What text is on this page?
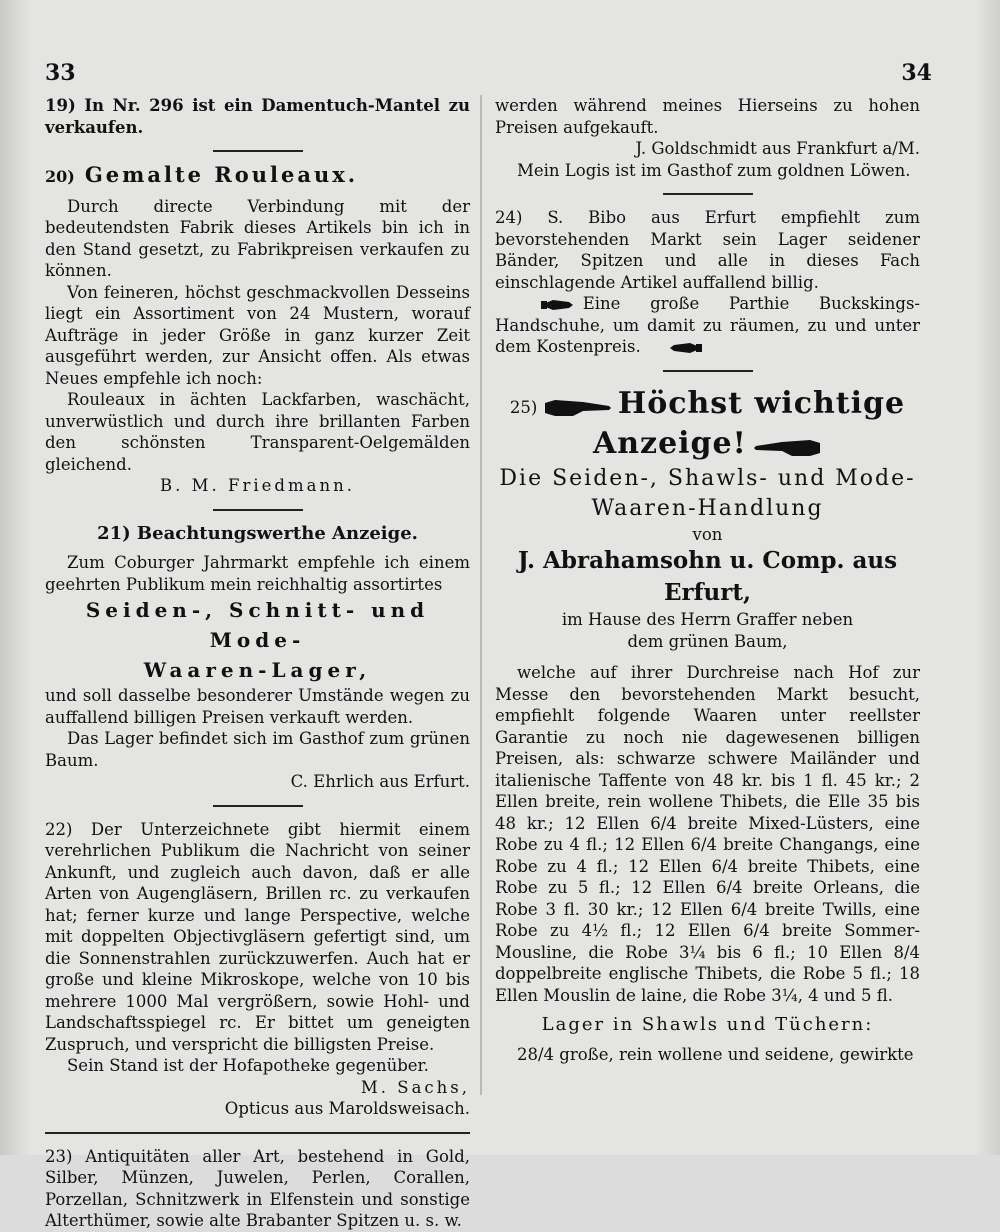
33	34

19) In Nr. 296 ist ein Damentuch-Mantel zu verkaufen.

20) Gemalte Rouleaux.

Durch directe Verbindung mit der bedeutendsten Fabrik dieses Artikels bin ich in den Stand gesetzt, zu Fabrikpreisen verkaufen zu können.

Von feineren, höchst geschmackvollen Desseins liegt ein Assortiment von 24 Mustern, worauf Aufträge in jeder Größe in ganz kurzer Zeit ausgeführt werden, zur Ansicht offen. Als etwas Neues empfehle ich noch:

Rouleaux in ächten Lackfarben, waschächt, unverwüstlich und durch ihre brillanten Farben den schönsten Transparent-Oelgemälden gleichend.

B. M. Friedmann.

21) Beachtungswerthe Anzeige.

Zum Coburger Jahrmarkt empfehle ich einem geehrten Publikum mein reichhaltig assortirtes

Seiden-, Schnitt- und Mode-

Waaren-Lager,

und soll dasselbe besonderer Umstände wegen zu auffallend billigen Preisen verkauft werden.

Das Lager befindet sich im Gasthof zum grünen Baum.

C. Ehrlich aus Erfurt.

22) Der Unterzeichnete gibt hiermit einem verehrlichen Publikum die Nachricht von seiner Ankunft, und zugleich auch davon, daß er alle Arten von Augengläsern, Brillen rc. zu verkaufen hat; ferner kurze und lange Perspective, welche mit doppelten Objectivgläsern gefertigt sind, um die Sonnenstrahlen zurückzuwerfen. Auch hat er große und kleine Mikroskope, welche von 10 bis mehrere 1000 Mal vergrößern, sowie Hohl- und Landschaftsspiegel rc. Er bittet um geneigten Zuspruch, und verspricht die billigsten Preise.

Sein Stand ist der Hofapotheke gegenüber.

M. Sachs,

Opticus aus Maroldsweisach.

23) Antiquitäten aller Art, bestehend in Gold, Silber, Münzen, Juwelen, Perlen, Corallen, Porzellan, Schnitzwerk in Elfenstein und sonstige Alterthümer, sowie alte Brabanter Spitzen u. s. w.

werden während meines Hierseins zu hohen Preisen aufgekauft.

J. Goldschmidt aus Frankfurt a/M.

Mein Logis ist im Gasthof zum goldnen Löwen.

24) S. Bibo aus Erfurt empfiehlt zum bevorstehenden Markt sein Lager seidener Bänder, Spitzen und alle in dieses Fach einschlagende Artikel auffallend billig.

Eine große Parthie Buckskings-Handschuhe, um damit zu räumen, zu und unter dem Kostenpreis.

25)	Höchst wichtige

Anzeige!

Die Seiden-, Shawls- und Mode-

Waaren-Handlung

von

J. Abrahamsohn u. Comp. aus Erfurt,

im Hause des Herrn Graffer neben

dem grünen Baum,

welche auf ihrer Durchreise nach Hof zur Messe den bevorstehenden Markt besucht, empfiehlt folgende Waaren unter reellster Garantie zu noch nie dagewesenen billigen Preisen, als: schwarze schwere Mailänder und italienische Taffente von 48 kr. bis 1 fl. 45 kr.; 2 Ellen breite, rein wollene Thibets, die Elle 35 bis 48 kr.; 12 Ellen 6/4 breite Mixed-Lüsters, eine Robe zu 4 fl.; 12 Ellen 6/4 breite Changangs, eine Robe zu 4 fl.; 12 Ellen 6/4 breite Thibets, eine Robe zu 5 fl.; 12 Ellen 6/4 breite Orleans, die Robe 3 fl. 30 kr.; 12 Ellen 6/4 breite Twills, eine Robe zu 4½ fl.; 12 Ellen 6/4 breite Sommer-Mousline, die Robe 3¼ bis 6 fl.; 10 Ellen 8/4 doppelbreite englische Thibets, die Robe 5 fl.; 18 Ellen Mouslin de laine, die Robe 3¼, 4 und 5 fl.

Lager in Shawls und Tüchern:

28/4 große, rein wollene und seidene, gewirkte
